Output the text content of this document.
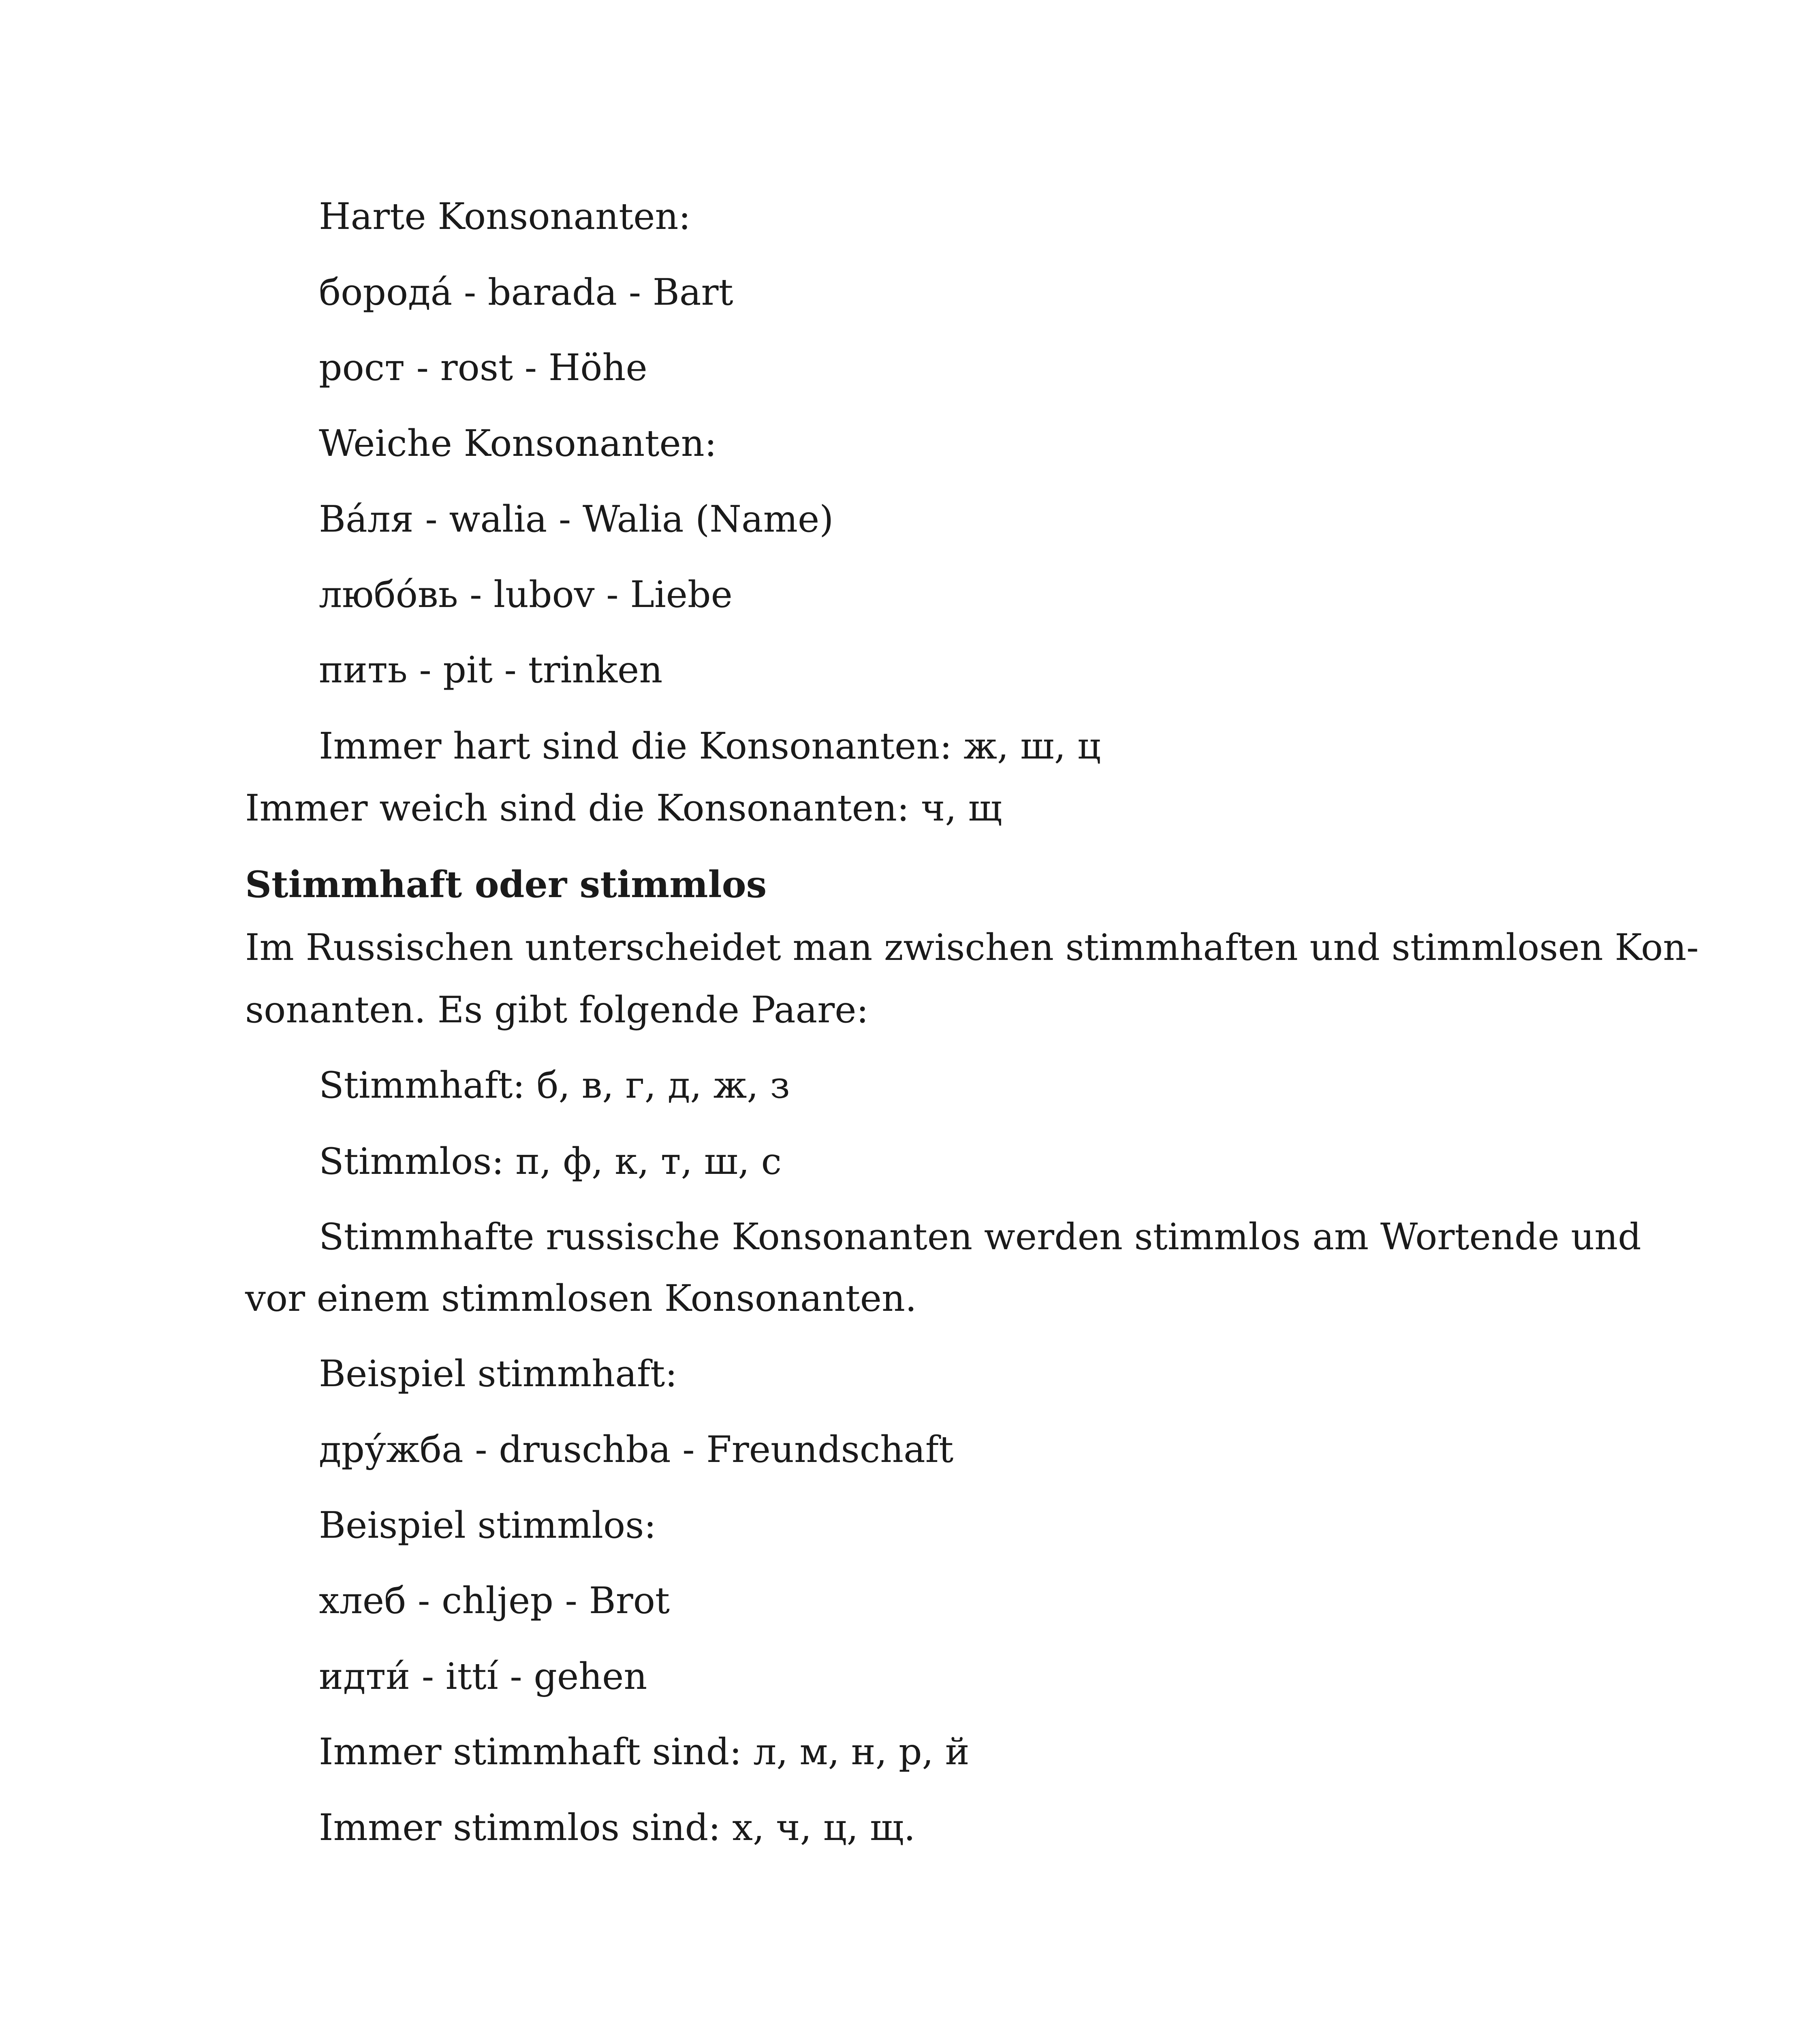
Harte Konsonanten:
борода́ - barada - Bart
рост - rost - Höhe
Weiche Konsonanten:
Ва́ля - walia - Walia (Name)
любо́вь - lubov - Liebe
пить - pit - trinken
Immer hart sind die Konsonanten: ж, ш, ц
Immer weich sind die Konsonanten: ч, щ
Stimmhaft oder stimmlos
Im Russischen unterscheidet man zwischen stimmhaften und stimmlosen Kon-
sonanten. Es gibt folgende Paare:
Stimmhaft: б, в, г, д, ж, з
Stimmlos: п, ф, к, т, ш, с
Stimmhafte russische Konsonanten werden stimmlos am Wortende und
vor einem stimmlosen Konsonanten.
Beispiel stimmhaft:
дру́жба - druschba - Freundschaft
Beispiel stimmlos:
хлеб - chljep - Brot
идти́ - ittí - gehen
Immer stimmhaft sind: л, м, н, р, й
Immer stimmlos sind: х, ч, ц, щ.
